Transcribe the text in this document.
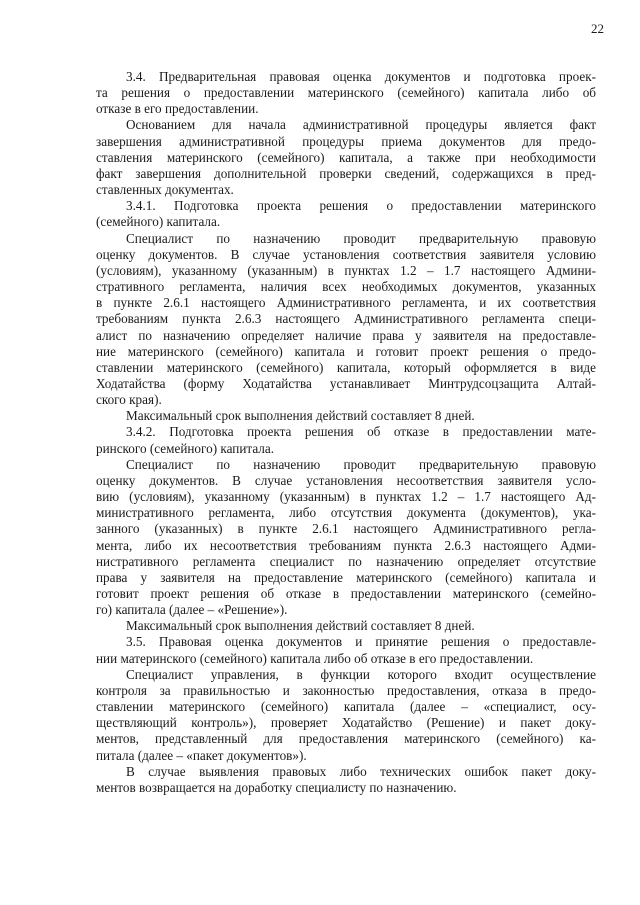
22

3.4. Предварительная правовая оценка документов и подготовка проек-
та решения о предоставлении материнского (семейного) капитала либо об
отказе в его предоставлении.

Основанием для начала административной процедуры является факт
завершения административной процедуры приема документов для предо-
ставления материнского (семейного) капитала, а также при необходимости
факт завершения дополнительной проверки сведений, содержащихся в пред-
ставленных документах.

3.4.1. Подготовка проекта решения о предоставлении материнского
(семейного) капитала.

Специалист по назначению проводит предварительную правовую
оценку документов. В случае установления соответствия заявителя условию
(условиям), указанному (указанным) в пунктах 1.2 – 1.7 настоящего Админи-
стративного регламента, наличия всех необходимых документов, указанных
в пункте 2.6.1 настоящего Административного регламента, и их соответствия
требованиям пункта 2.6.3 настоящего Административного регламента специ-
алист по назначению определяет наличие права у заявителя на предоставле-
ние материнского (семейного) капитала и готовит проект решения о предо-
ставлении материнского (семейного) капитала, который оформляется в виде
Ходатайства (форму Ходатайства устанавливает Минтрудсоцзащита Алтай-
ского края).

Максимальный срок выполнения действий составляет 8 дней.

3.4.2. Подготовка проекта решения об отказе в предоставлении мате-
ринского (семейного) капитала.

Специалист по назначению проводит предварительную правовую
оценку документов. В случае установления несоответствия заявителя усло-
вию (условиям), указанному (указанным) в пунктах 1.2 – 1.7 настоящего Ад-
министративного регламента, либо отсутствия документа (документов), ука-
занного (указанных) в пункте 2.6.1 настоящего Административного регла-
мента, либо их несоответствия требованиям пункта 2.6.3 настоящего Адми-
нистративного регламента специалист по назначению определяет отсутствие
права у заявителя на предоставление материнского (семейного) капитала и
готовит проект решения об отказе в предоставлении материнского (семейно-
го) капитала (далее – «Решение»).

Максимальный срок выполнения действий составляет 8 дней.

3.5. Правовая оценка документов и принятие решения о предоставле-
нии материнского (семейного) капитала либо об отказе в его предоставлении.

Специалист управления, в функции которого входит осуществление
контроля за правильностью и законностью предоставления, отказа в предо-
ставлении материнского (семейного) капитала (далее – «специалист, осу-
ществляющий контроль»), проверяет Ходатайство (Решение) и пакет доку-
ментов, представленный для предоставления материнского (семейного) ка-
питала (далее – «пакет документов»).

В случае выявления правовых либо технических ошибок пакет доку-
ментов возвращается на доработку специалисту по назначению.
